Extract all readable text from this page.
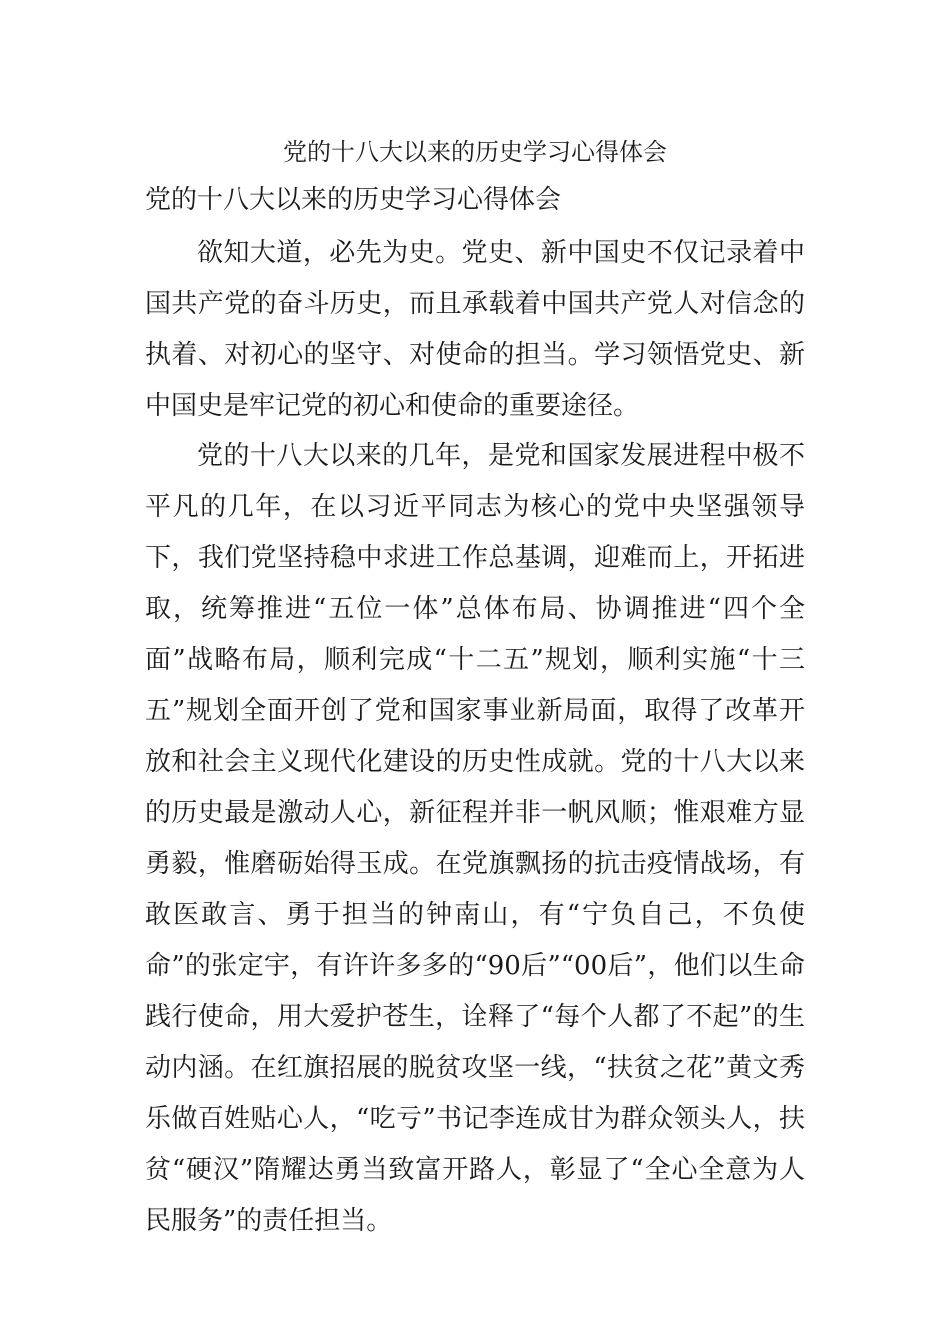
党的十八大以来的历史学习心得体会
党的十八大以来的历史学习心得体会

欲知大道，必先为史。党史、新中国史不仅记录着中国共产党的奋斗历史，而且承载着中国共产党人对信念的执着、对初心的坚守、对使命的担当。学习领悟党史、新中国史是牢记党的初心和使命的重要途径。

党的十八大以来的几年，是党和国家发展进程中极不平凡的几年，在以习近平同志为核心的党中央坚强领导下，我们党坚持稳中求进工作总基调，迎难而上，开拓进取，统筹推进“五位一体”总体布局、协调推进“四个全面”战略布局，顺利完成“十二五”规划，顺利实施“十三五”规划全面开创了党和国家事业新局面，取得了改革开放和社会主义现代化建设的历史性成就。党的十八大以来的历史最是激动人心，新征程并非一帆风顺；惟艰难方显勇毅，惟磨砺始得玉成。在党旗飘扬的抗击疫情战场，有敢医敢言、勇于担当的钟南山，有“宁负自己，不负使命”的张定宇，有许许多多的“90后”“00后”，他们以生命践行使命，用大爱护苍生，诠释了“每个人都了不起”的生动内涵。在红旗招展的脱贫攻坚一线，“扶贫之花”黄文秀乐做百姓贴心人，“吃亏”书记李连成甘为群众领头人，扶贫“硬汉”隋耀达勇当致富开路人，彰显了“全心全意为人民服务”的责任担当。
